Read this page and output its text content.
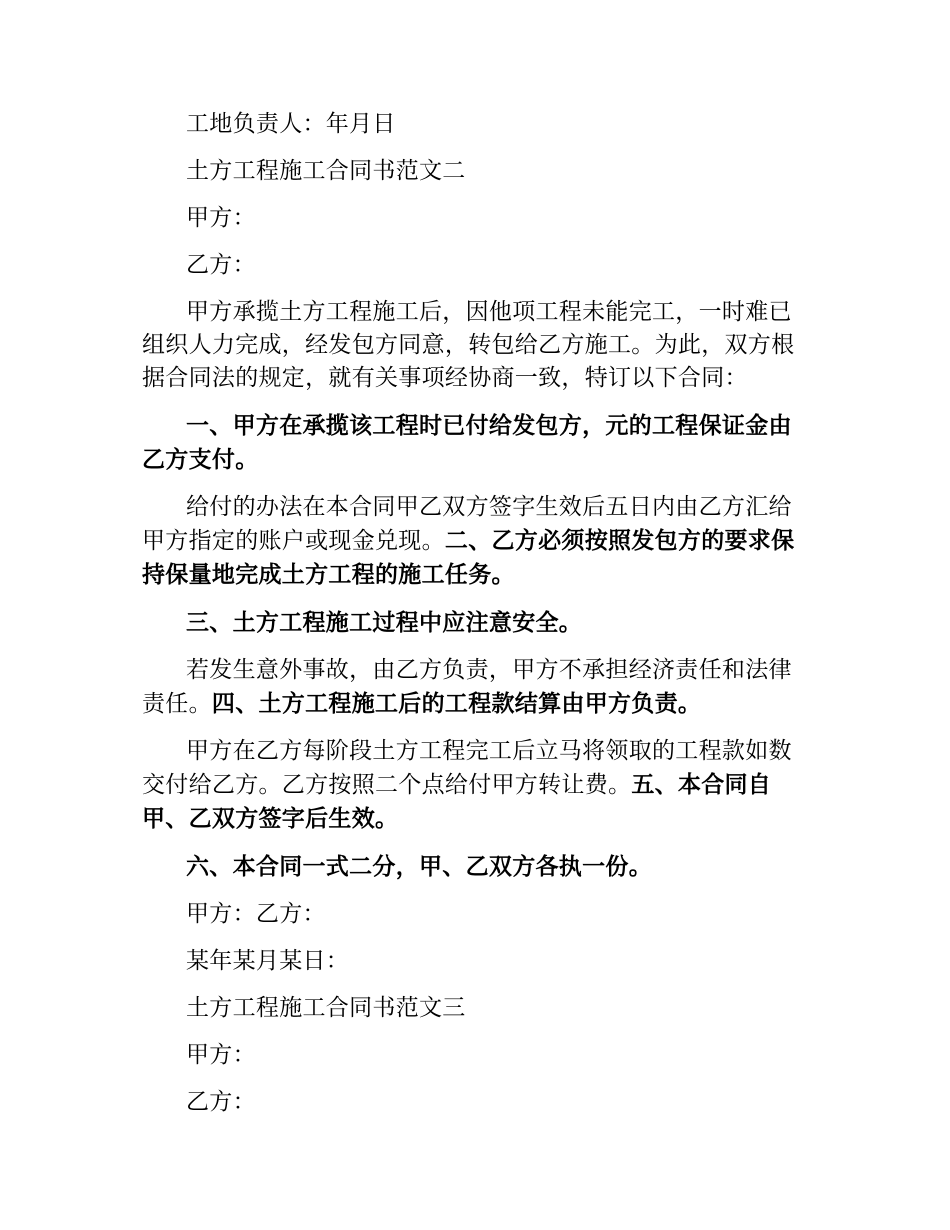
工地负责人：年月日

土方工程施工合同书范文二

甲方：

乙方：

甲方承揽土方工程施工后，因他项工程未能完工，一时难已组织人力完成，经发包方同意，转包给乙方施工。为此，双方根据合同法的规定，就有关事项经协商一致，特订以下合同：

一、甲方在承揽该工程时已付给发包方，元的工程保证金由乙方支付。

给付的办法在本合同甲乙双方签字生效后五日内由乙方汇给甲方指定的账户或现金兑现。二、乙方必须按照发包方的要求保持保量地完成土方工程的施工任务。

三、土方工程施工过程中应注意安全。

若发生意外事故，由乙方负责，甲方不承担经济责任和法律责任。四、土方工程施工后的工程款结算由甲方负责。

甲方在乙方每阶段土方工程完工后立马将领取的工程款如数交付给乙方。乙方按照二个点给付甲方转让费。五、本合同自甲、乙双方签字后生效。

六、本合同一式二分，甲、乙双方各执一份。

甲方：乙方：

某年某月某日：

土方工程施工合同书范文三

甲方：

乙方：
